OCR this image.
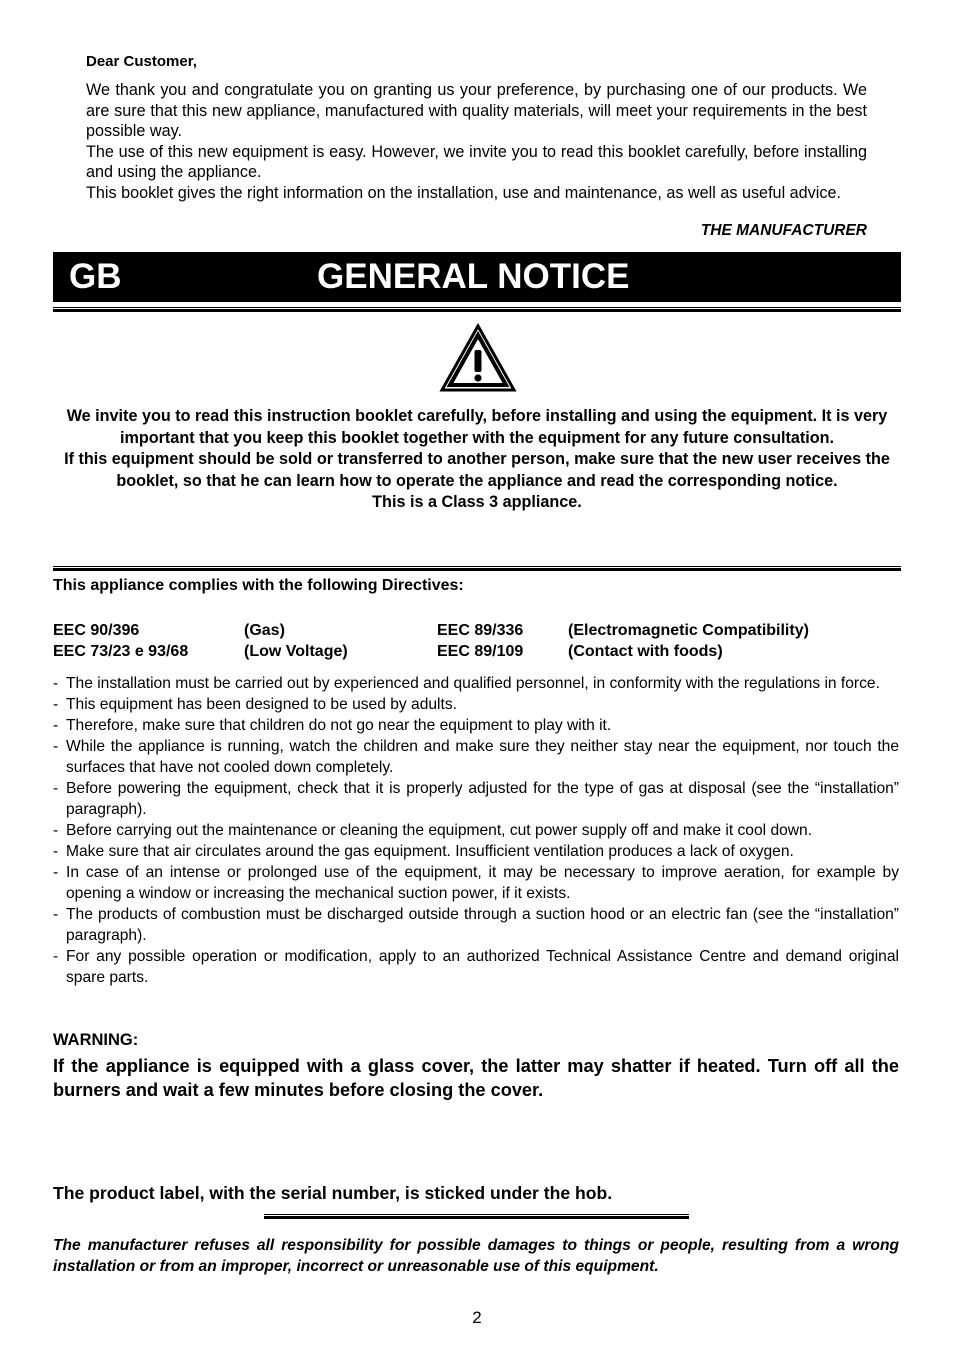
Dear Customer,

We thank you and congratulate you on granting us your preference, by purchasing one of our products. We are sure that this new appliance, manufactured with quality materials, will meet your requirements in the best possible way.

The use of this new equipment is easy. However, we invite you to read this booklet carefully, before installing and using the appliance.

This booklet gives the right information on the installation, use and maintenance, as well as useful advice.

THE MANUFACTURER
GB	GENERAL NOTICE

We invite you to read this instruction booklet carefully, before installing and using the equipment. It is very important that you keep this booklet together with the equipment for any future consultation.

If this equipment should be sold or transferred to another person, make sure that the new user receives the booklet, so that he can learn how to operate the appliance and read the corresponding notice.

This is a Class 3 appliance.

This appliance complies with the following Directives:
EEC 90/396	(Gas)	EEC 89/336	(Electromagnetic Compatibility)
EEC 73/23 e 93/68	(Low Voltage)	EEC 89/109	(Contact with foods)
- The installation must be carried out by experienced and qualified personnel, in conformity with the regulations in force.
- This equipment has been designed to be used by adults.
- Therefore, make sure that children do not go near the equipment to play with it.
- While the appliance is running, watch the children and make sure they neither stay near the equipment, nor touch the surfaces that have not cooled down completely.
- Before powering the equipment, check that it is properly adjusted for the type of gas at disposal (see the “installation” paragraph).
- Before carrying out the maintenance or cleaning the equipment, cut power supply off and make it cool down.
- Make sure that air circulates around the gas equipment. Insufficient ventilation produces a lack of oxygen.
- In case of an intense or prolonged use of the equipment, it may be necessary to improve aeration, for example by opening a window or increasing the mechanical suction power, if it exists.
- The products of combustion must be discharged outside through a suction hood or an electric fan (see the “installation” paragraph).
- For any possible operation or modification, apply to an authorized Technical Assistance Centre and demand original spare parts.
WARNING:
If the appliance is equipped with a glass cover, the latter may shatter if heated. Turn off all the burners and wait a few minutes before closing the cover.
The product label, with the serial number, is sticked under the hob.
The manufacturer refuses all responsibility for possible damages to things or people, resulting from a wrong installation or from an improper, incorrect or unreasonable use of this equipment.
2
